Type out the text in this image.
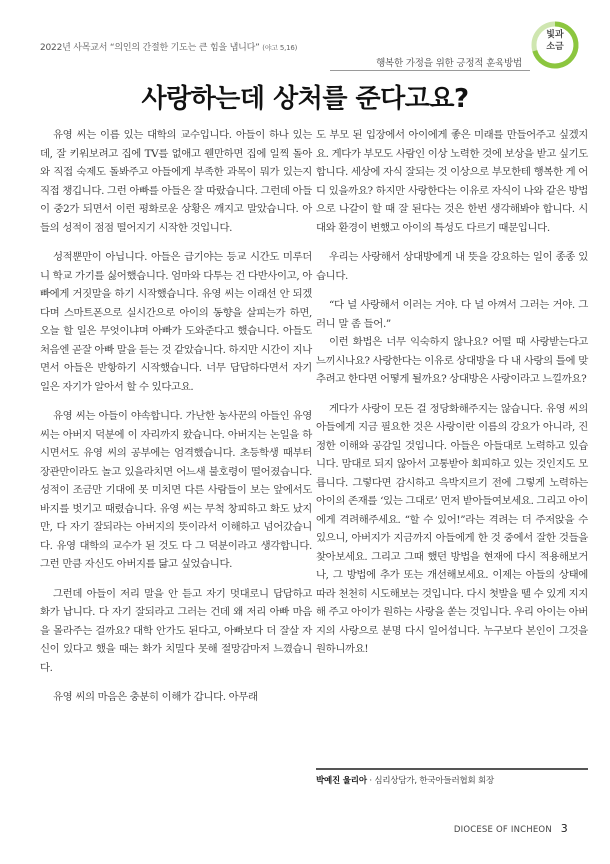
2022년 사목교서 “의인의 간절한 기도는 큰 힘을 냅니다” (야고 5,16)
행복한 가정을 위한 긍정적 훈육방법
빛과
소금
사랑하는데 상처를 준다고요?

유영 씨는 이름 있는 대학의 교수입니다. 아들이 하나 있는데, 잘 키워보려고 집에 TV를 없애고 웬만하면 집에 일찍 돌아와 직접 숙제도 돌봐주고 아들에게 부족한 과목이 뭐가 있는지 직접 챙깁니다. 그런 아빠를 아들은 잘 따랐습니다. 그런데 아들이 중2가 되면서 이런 평화로운 상황은 깨지고 말았습니다. 아들의 성적이 점점 떨어지기 시작한 것입니다.

성적뿐만이 아닙니다. 아들은 급기야는 등교 시간도 미루더니 학교 가기를 싫어했습니다. 엄마와 다투는 건 다반사이고, 아빠에게 거짓말을 하기 시작했습니다. 유영 씨는 이래선 안 되겠다며 스마트폰으로 실시간으로 아이의 동향을 살피는가 하면, 오늘 할 일은 무엇이냐며 아빠가 도와준다고 했습니다. 아들도 처음엔 곧잘 아빠 말을 듣는 것 같았습니다. 하지만 시간이 지나면서 아들은 반항하기 시작했습니다. 너무 답답하다면서 자기 일은 자기가 알아서 할 수 있다고요.

유영 씨는 아들이 야속합니다. 가난한 농사꾼의 아들인 유영 씨는 아버지 덕분에 이 자리까지 왔습니다. 아버지는 논일을 하시면서도 유영 씨의 공부에는 엄격했습니다. 초등학생 때부터 장관만이라도 놀고 있을라치면 어느새 불호령이 떨어졌습니다. 성적이 조금만 기대에 못 미치면 다른 사람들이 보는 앞에서도 바지를 벗기고 때렸습니다. 유영 씨는 무척 창피하고 화도 났지만, 다 자기 잘되라는 아버지의 뜻이라서 이해하고 넘어갔습니다. 유영 대학의 교수가 된 것도 다 그 덕분이라고 생각합니다. 그런 만큼 자신도 아버지를 닮고 싶었습니다.

그런데 아들이 저리 말을 안 듣고 자기 멋대로니 답답하고 화가 납니다. 다 자기 잘되라고 그러는 건데 왜 저리 아빠 마음을 몰라주는 걸까요? 대학 안가도 된다고, 아빠보다 더 잘살 자신이 있다고 했을 때는 화가 치밀다 못해 절망감마저 느꼈습니다.

유영 씨의 마음은 충분히 이해가 갑니다. 아무래

도 부모 된 입장에서 아이에게 좋은 미래를 만들어주고 싶겠지요. 게다가 부모도 사람인 이상 노력한 것에 보상을 받고 싶기도 합니다. 세상에 자식 잘되는 것 이상으로 부모한테 행복한 게 어디 있을까요? 하지만 사랑한다는 이유로 자식이 나와 같은 방법으로 나갈이 할 때 잘 된다는 것은 한번 생각해봐야 합니다. 시대와 환경이 변했고 아이의 특성도 다르기 때문입니다.

우리는 사랑해서 상대방에게 내 뜻을 강요하는 일이 종종 있습니다.

“다 널 사랑해서 이러는 거야. 다 널 아껴서 그러는 거야. 그러니 말 좀 들어.”

이런 화법은 너무 익숙하지 않나요? 어떨 때 사랑받는다고 느끼시나요? 사랑한다는 이유로 상대방을 다 내 사랑의 틀에 맞추려고 한다면 어떻게 될까요? 상대방은 사랑이라고 느낄까요?

게다가 사랑이 모든 걸 정당화해주지는 않습니다. 유영 씨의 아들에게 지금 필요한 것은 사랑이란 이름의 강요가 아니라, 진정한 이해와 공감일 것입니다. 아들은 아들대로 노력하고 있습니다. 맘대로 되지 않아서 고통받아 회피하고 있는 것인지도 모릅니다. 그렇다면 감시하고 윽박지르기 전에 그렇게 노력하는 아이의 존재를 ‘있는 그대로’ 먼저 받아들여보세요. 그리고 아이에게 격려해주세요. “할 수 있어!”라는 격려는 더 주저앉을 수 있으니, 아버지가 지금까지 아들에게 한 것 중에서 잘한 것들을 찾아보세요. 그리고 그때 했던 방법을 현재에 다시 적용해보거나, 그 방법에 추가 또는 개선해보세요. 이제는 아들의 상태에 따라 천천히 시도해보는 것입니다. 다시 첫발을 뗄 수 있게 지지해 주고 아이가 원하는 사랑을 쏟는 것입니다. 우리 아이는 아버지의 사랑으로 분명 다시 일어섭니다. 누구보다 본인이 그것을 원하니까요!

박예진 울리아 · 심리상담가, 한국아들러협회 회장
DIOCESE OF INCHEON 3
